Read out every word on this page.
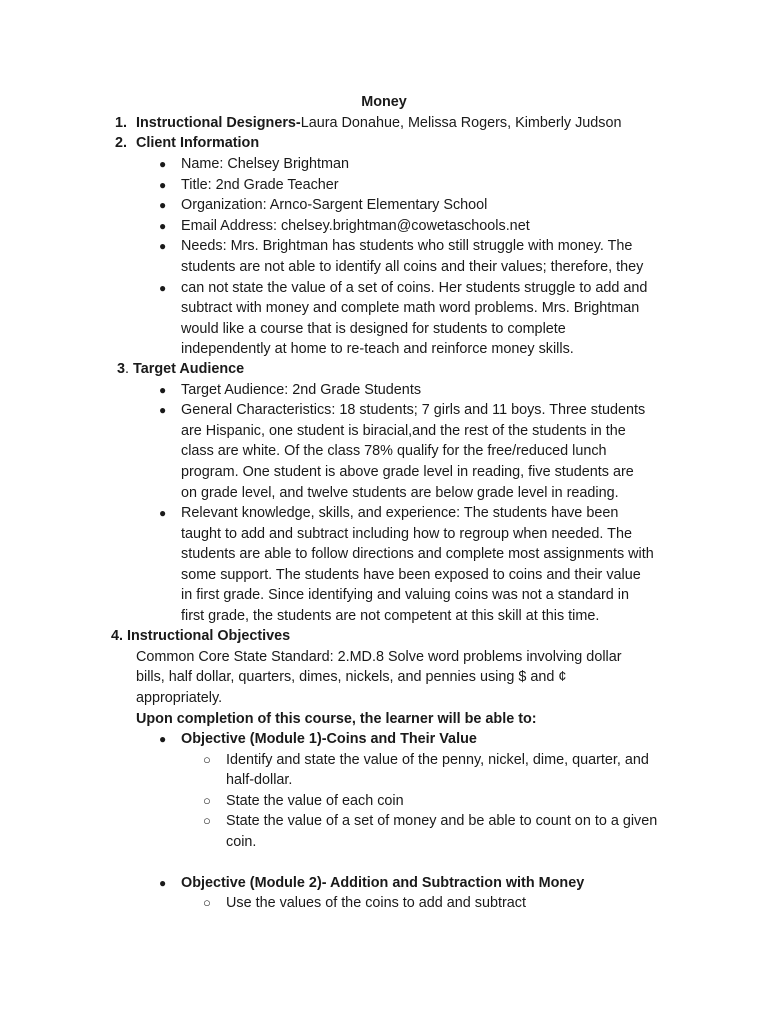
Money
1. Instructional Designers-Laura Donahue, Melissa Rogers, Kimberly Judson
2. Client Information
● Name: Chelsey Brightman
● Title: 2nd Grade Teacher
● Organization: Arnco-Sargent Elementary School
● Email Address: chelsey.brightman@cowetaschools.net
● Needs: Mrs. Brightman has students who still struggle with money. The
students are not able to identify all coins and their values; therefore, they
● can not state the value of a set of coins. Her students struggle to add and
subtract with money and complete math word problems. Mrs. Brightman
would like a course that is designed for students to complete
independently at home to re-teach and reinforce money skills.
3. Target Audience
● Target Audience: 2nd Grade Students
● General Characteristics: 18 students; 7 girls and 11 boys. Three students
are Hispanic, one student is biracial,and the rest of the students in the
class are white. Of the class 78% qualify for the free/reduced lunch
program. One student is above grade level in reading, five students are
on grade level, and twelve students are below grade level in reading.
● Relevant knowledge, skills, and experience: The students have been
taught to add and subtract including how to regroup when needed. The
students are able to follow directions and complete most assignments with
some support. The students have been exposed to coins and their value
in first grade. Since identifying and valuing coins was not a standard in
first grade, the students are not competent at this skill at this time.
4. Instructional Objectives
Common Core State Standard: 2.MD.8 Solve word problems involving dollar
bills, half dollar, quarters, dimes, nickels, and pennies using $ and ¢
appropriately.
Upon completion of this course, the learner will be able to:
● Objective (Module 1)-Coins and Their Value
○ Identify and state the value of the penny, nickel, dime, quarter, and
half-dollar.
○ State the value of each coin
○ State the value of a set of money and be able to count on to a given
coin.
● Objective (Module 2)- Addition and Subtraction with Money
○ Use the values of the coins to add and subtract
